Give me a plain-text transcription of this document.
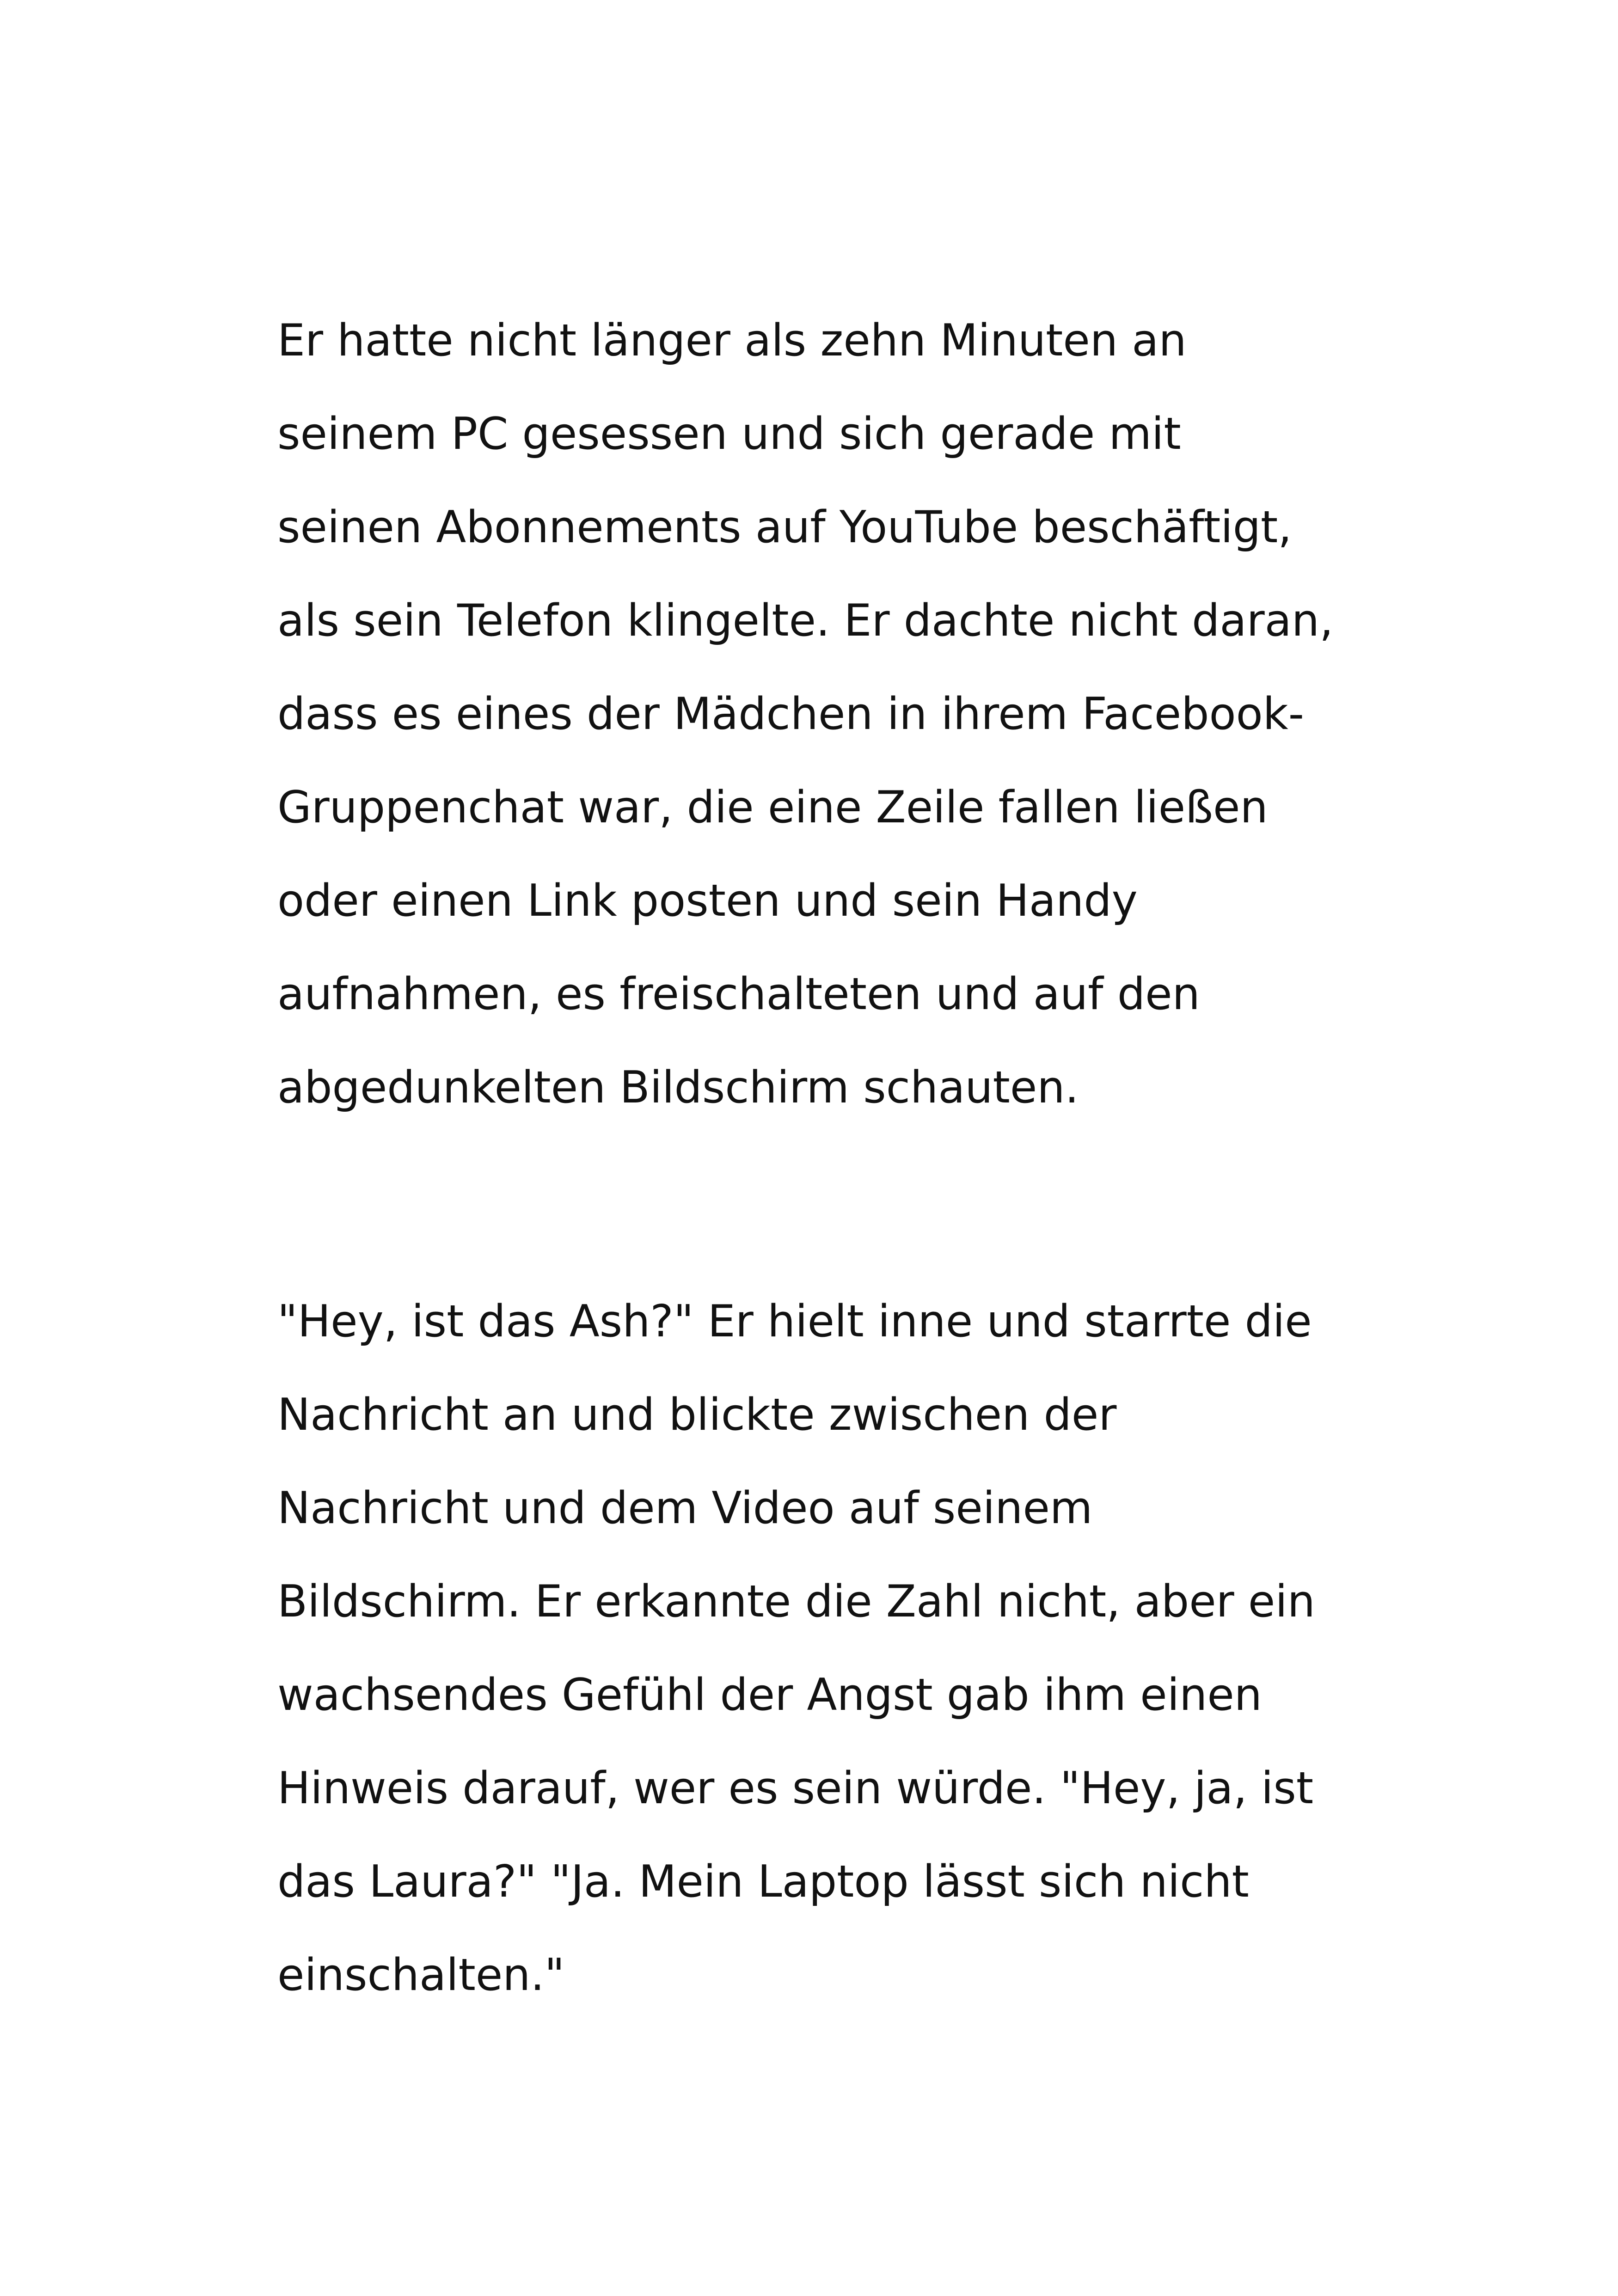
Er hatte nicht länger als zehn Minuten an
seinem PC gesessen und sich gerade mit
seinen Abonnements auf YouTube beschäftigt,
als sein Telefon klingelte. Er dachte nicht daran,
dass es eines der Mädchen in ihrem Facebook-
Gruppenchat war, die eine Zeile fallen ließen
oder einen Link posten und sein Handy
aufnahmen, es freischalteten und auf den
abgedunkelten Bildschirm schauten.
"Hey, ist das Ash?" Er hielt inne und starrte die
Nachricht an und blickte zwischen der
Nachricht und dem Video auf seinem
Bildschirm. Er erkannte die Zahl nicht, aber ein
wachsendes Gefühl der Angst gab ihm einen
Hinweis darauf, wer es sein würde. "Hey, ja, ist
das Laura?" "Ja. Mein Laptop lässt sich nicht
einschalten."
